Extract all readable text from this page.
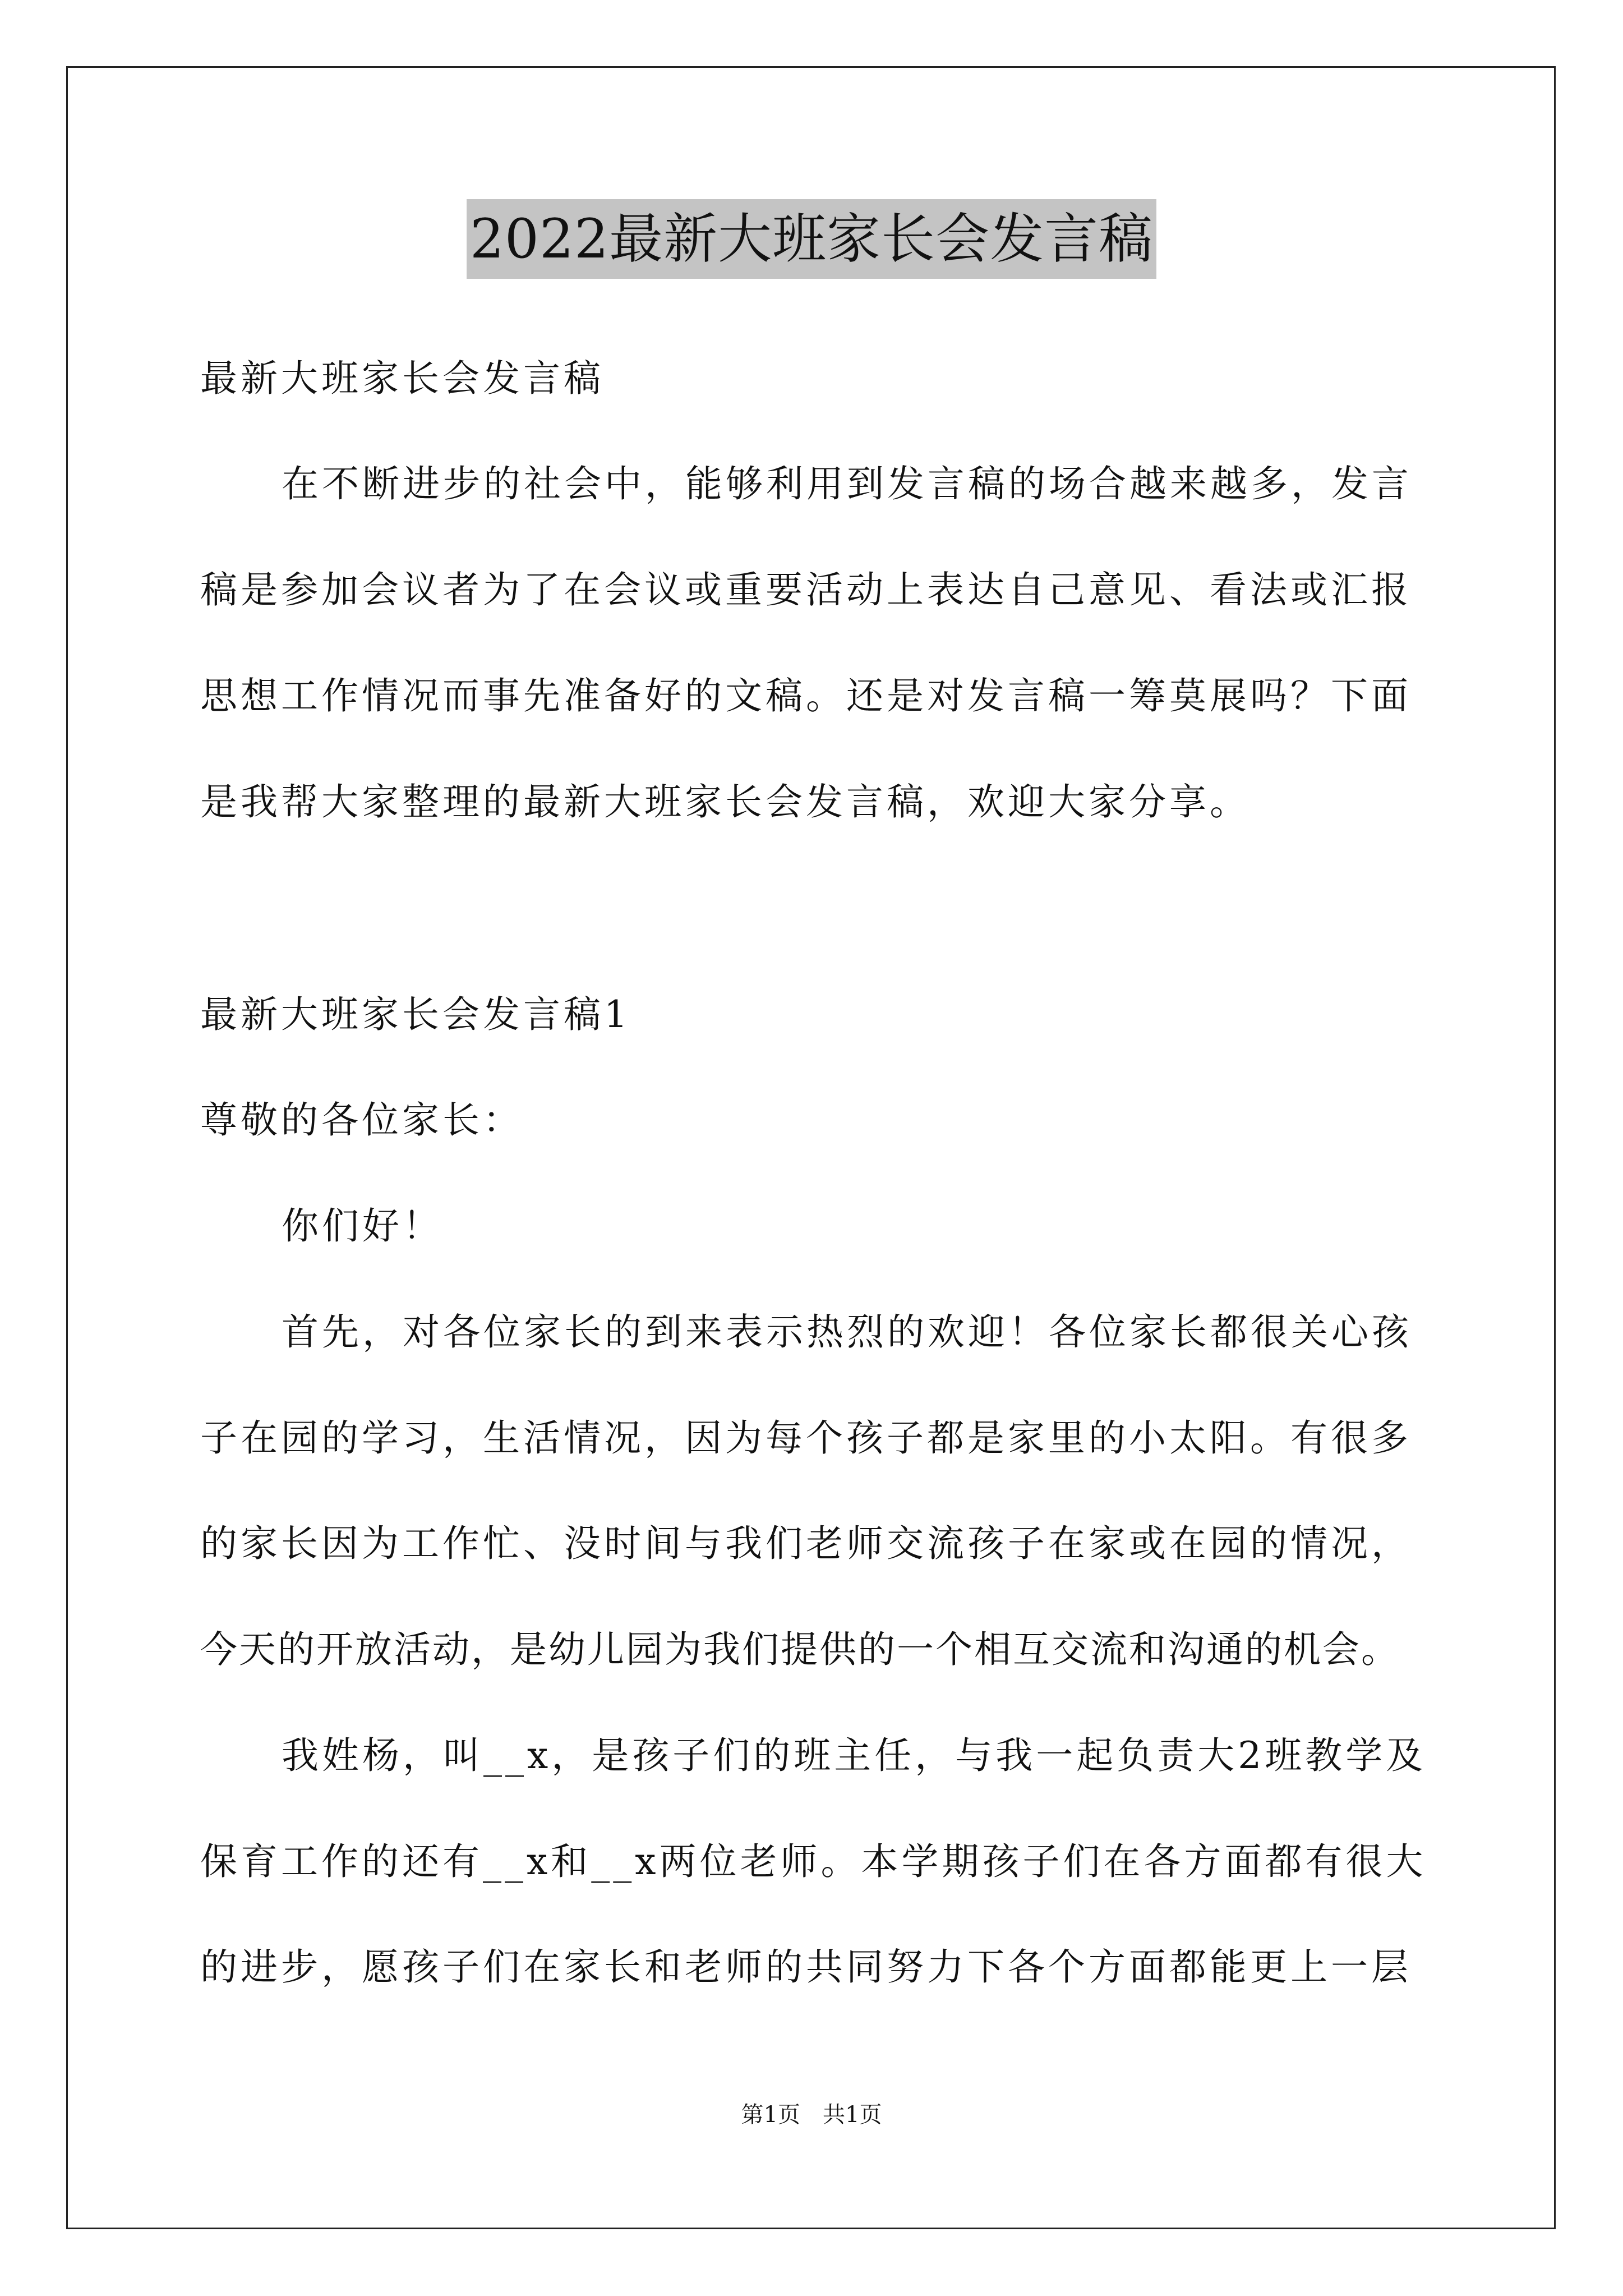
2022最新大班家长会发言稿
最新大班家长会发言稿
在不断进步的社会中，能够利用到发言稿的场合越来越多，发言
稿是参加会议者为了在会议或重要活动上表达自己意见、看法或汇报
思想工作情况而事先准备好的文稿。还是对发言稿一筹莫展吗？下面
是我帮大家整理的最新大班家长会发言稿，欢迎大家分享。
最新大班家长会发言稿1
尊敬的各位家长：
你们好！
首先，对各位家长的到来表示热烈的欢迎！各位家长都很关心孩
子在园的学习，生活情况，因为每个孩子都是家里的小太阳。有很多
的家长因为工作忙、没时间与我们老师交流孩子在家或在园的情况，
今天的开放活动，是幼儿园为我们提供的一个相互交流和沟通的机会。
我姓杨，叫__x，是孩子们的班主任，与我一起负责大2班教学及
保育工作的还有__x和__x两位老师。本学期孩子们在各方面都有很大
的进步，愿孩子们在家长和老师的共同努力下各个方面都能更上一层
第1页　共1页
